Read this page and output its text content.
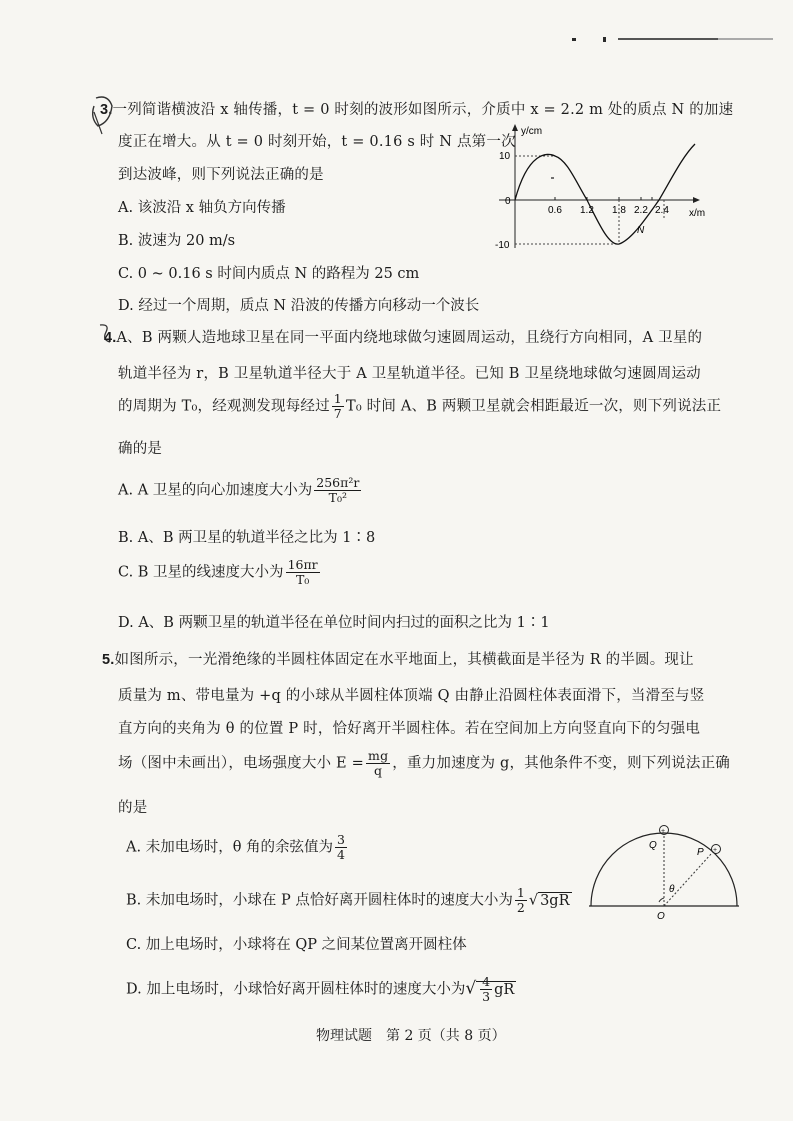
3.一列简谐横波沿 x 轴传播，t = 0 时刻的波形如图所示，介质中 x = 2.2 m 处的质点 N 的加速
度正在增大。从 t = 0 时刻开始，t = 0.16 s 时 N 点第一次
到达波峰，则下列说法正确的是
A. 该波沿 x 轴负方向传播
B. 波速为 20 m/s
C. 0 ~ 0.16 s 时间内质点 N 的路程为 25 cm
D. 经过一个周期，质点 N 沿波的传播方向移动一个波长
y/cm
x/m
0
10
-10
0.6 1.2 1.8 2.2 2.4
N
4.A、B 两颗人造地球卫星在同一平面内绕地球做匀速圆周运动，且绕行方向相同，A 卫星的
轨道半径为 r，B 卫星轨道半径大于 A 卫星轨道半径。已知 B 卫星绕地球做匀速圆周运动
的周期为 T₀，经观测发现每经过 $\frac{1}{7} T_0$ 时间 A、B 两颗卫星就会相距最近一次，则下列说法正
确的是
A. A 卫星的向心加速度大小为 $\frac{\text{256π²r}}{\text{T₀²}}$
B. A、B 两卫星的轨道半径之比为 1∶8
C. B 卫星的线速度大小为 $\frac{16\pi r}{\text{T₀}}$
D. A、B 两颗卫星的轨道半径在单位时间内扫过的面积之比为 1∶1
5.如图所示，一光滑绝缘的半圆柱体固定在水平地面上，其横截面是半径为 R 的半圆。现让
质量为 m、带电量为 +q 的小球从半圆柱体顶端 Q 由静止沿圆柱体表面滑下，当滑至与竖
直方向的夹角为 θ 的位置 P 时，恰好离开半圆柱体。若在空间加上方向竖直向下的匀强电
场（图中未画出），电场强度大小 $E = \frac{mg}{q}$ ，重力加速度为 g，其他条件不变，则下列说法正确
的是
A. 未加电场时，θ 角的余弦值为 $\frac{3}{4}$
B. 未加电场时，小球在 P 点恰好离开圆柱体时的速度大小为 $\frac{1}{2}$ √ 3gR
C. 加上电场时，小球将在 QP 之间某位置离开圆柱体
D. 加上电场时，小球恰好离开圆柱体时的速度大小为√ $\frac{4}{3}$ gR
+
+
Q
P
O
θ
物理试题　第 2 页（共 8 页）
